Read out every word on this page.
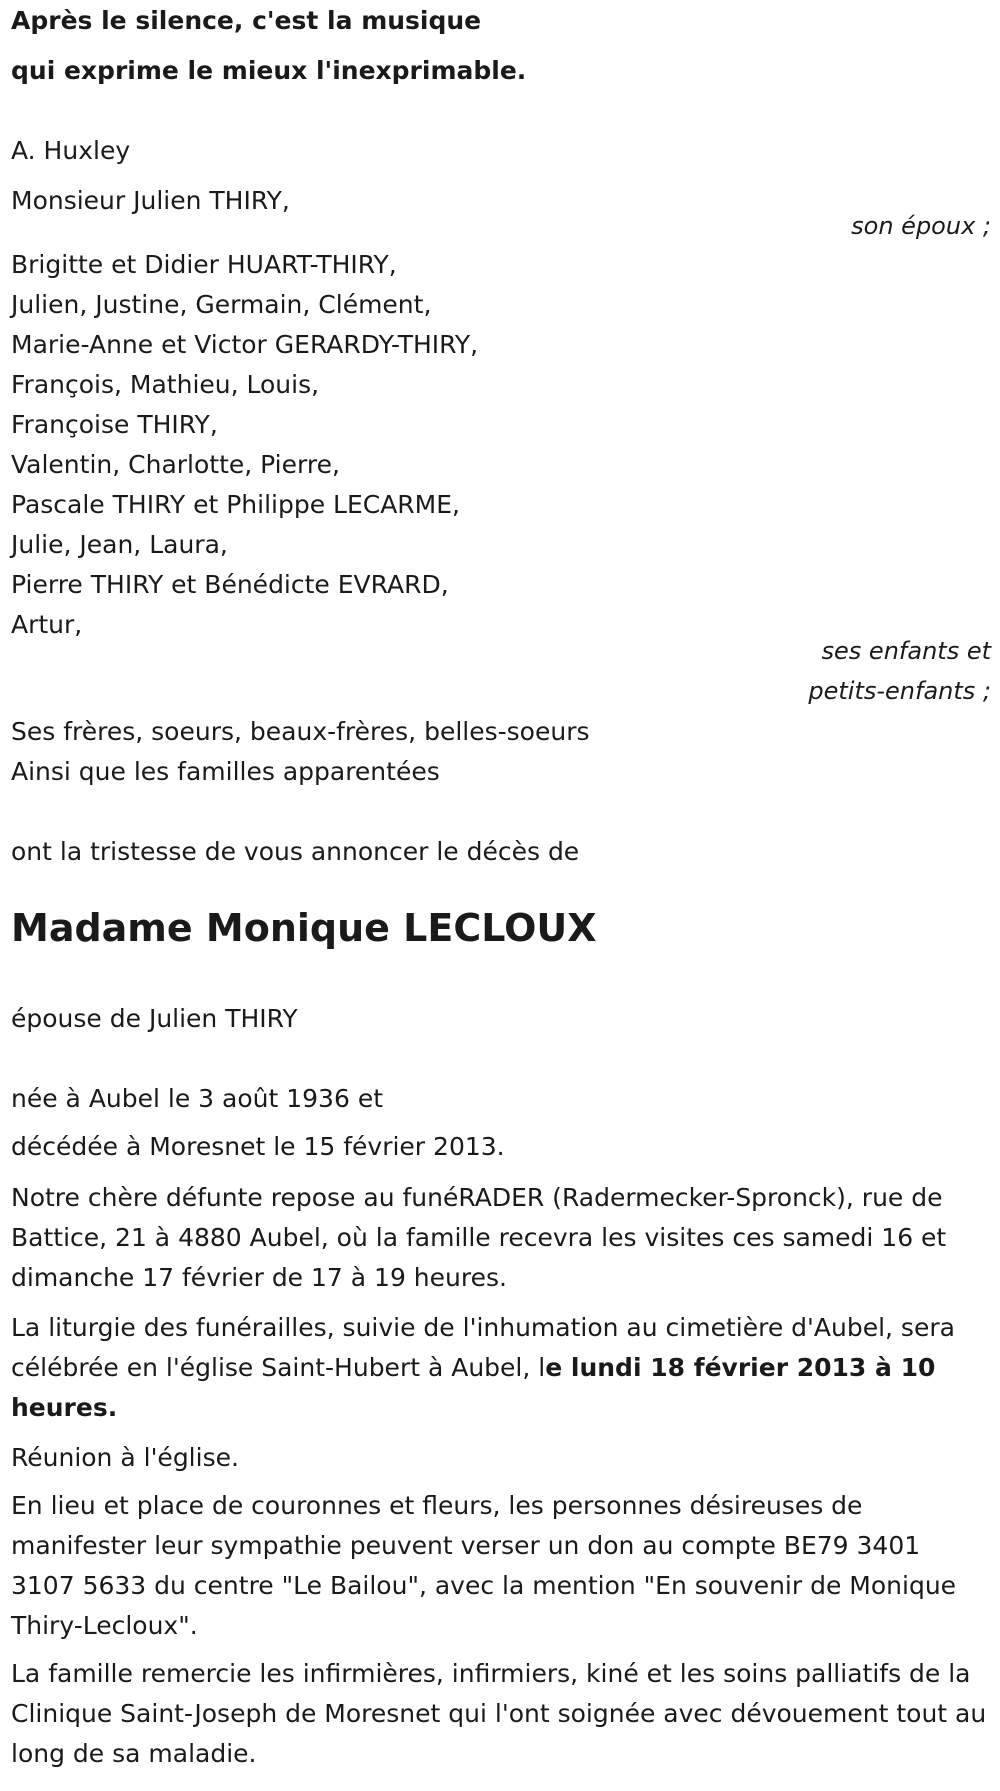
Après le silence, c'est la musique
qui exprime le mieux l'inexprimable.
A. Huxley
Monsieur Julien THIRY,
son époux ;
Brigitte et Didier HUART-THIRY,
Julien, Justine, Germain, Clément,
Marie-Anne et Victor GERARDY-THIRY,
François, Mathieu, Louis,
Françoise THIRY,
Valentin, Charlotte, Pierre,
Pascale THIRY et Philippe LECARME,
Julie, Jean, Laura,
Pierre THIRY et Bénédicte EVRARD,
Artur,
ses enfants et
petits-enfants ;
Ses frères, soeurs, beaux-frères, belles-soeurs
Ainsi que les familles apparentées
ont la tristesse de vous annoncer le décès de
Madame Monique LECLOUX
épouse de Julien THIRY
née à Aubel le 3 août 1936 et
décédée à Moresnet le 15 février 2013.
Notre chère défunte repose au funéRADER (Radermecker-Spronck), rue de Battice, 21 à 4880 Aubel, où la famille recevra les visites ces samedi 16 et dimanche 17 février de 17 à 19 heures.
La liturgie des funérailles, suivie de l'inhumation au cimetière d'Aubel, sera célébrée en l'église Saint-Hubert à Aubel, le lundi 18 février 2013 à 10 heures.
Réunion à l'église.
En lieu et place de couronnes et fleurs, les personnes désireuses de manifester leur sympathie peuvent verser un don au compte BE79 3401 3107 5633 du centre "Le Bailou", avec la mention "En souvenir de Monique Thiry-Lecloux".
La famille remercie les infirmières, infirmiers, kiné et les soins palliatifs de la Clinique Saint-Joseph de Moresnet qui l'ont soignée avec dévouement tout au long de sa maladie.
